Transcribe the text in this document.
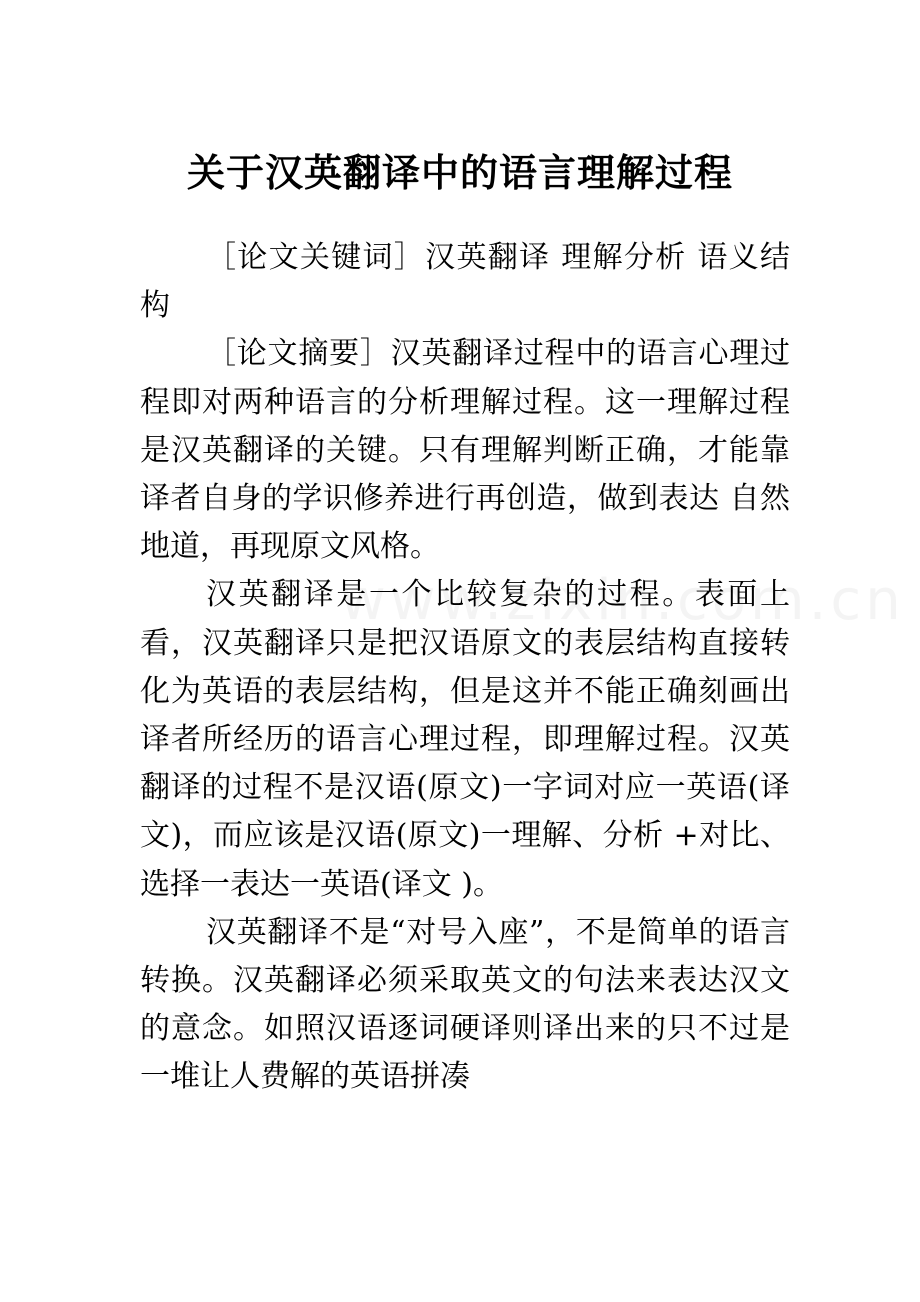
关于汉英翻译中的语言理解过程

［论文关键词］汉英翻译 理解分析 语义结构

［论文摘要］汉英翻译过程中的语言心理过程即对两种语言的分析理解过程。这一理解过程是汉英翻译的关键。只有理解判断正确，才能靠译者自身的学识修养进行再创造，做到表达 自然地道，再现原文风格。

汉英翻译是一个比较复杂的过程。表面上看，汉英翻译只是把汉语原文的表层结构直接转化为英语的表层结构，但是这并不能正确刻画出译者所经历的语言心理过程，即理解过程。汉英翻译的过程不是汉语(原文)一字词对应一英语(译文)，而应该是汉语(原文)一理解、分析 +对比、选择一表达一英语(译文 )。

汉英翻译不是“对号入座”，不是简单的语言转换。汉英翻译必须采取英文的句法来表达汉文的意念。如照汉语逐词硬译则译出来的只不过是一堆让人费解的英语拼凑
